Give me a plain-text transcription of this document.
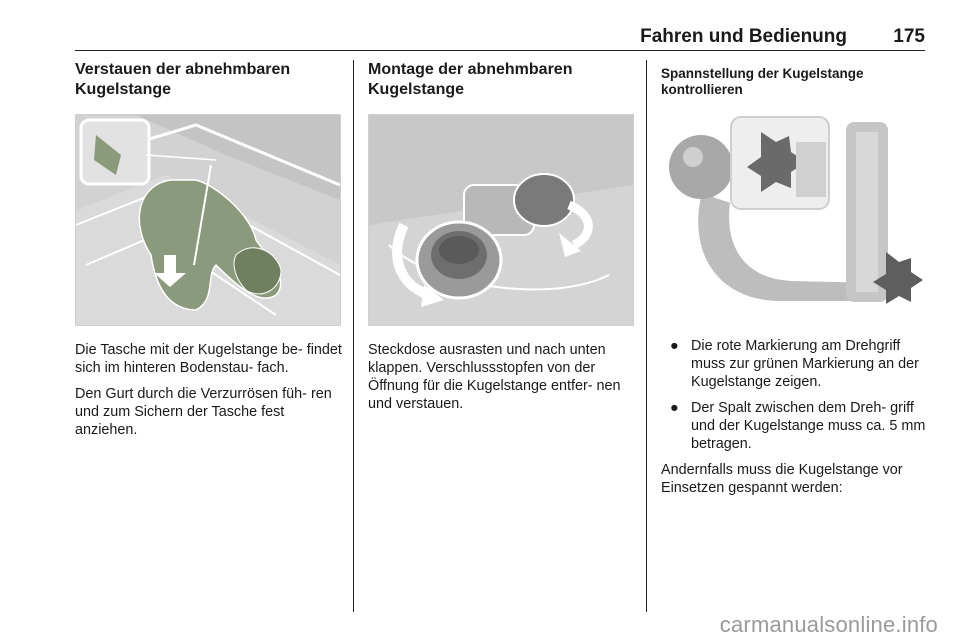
Fahren und Bedienung 175
Verstauen der abnehmbaren Kugelstange

Die Tasche mit der Kugelstange be- findet sich im hinteren Bodenstau- fach.

Den Gurt durch die Verzurrösen füh- ren und zum Sichern der Tasche fest anziehen.

Montage der abnehmbaren Kugelstange

Steckdose ausrasten und nach unten klappen. Verschlussstopfen von der Öffnung für die Kugelstange entfer- nen und verstauen.

Spannstellung der Kugelstange kontrollieren
● Die rote Markierung am Drehgriff muss zur grünen Markierung an der Kugelstange zeigen.
● Der Spalt zwischen dem Dreh- griff und der Kugelstange muss ca. 5 mm betragen.

Andernfalls muss die Kugelstange vor Einsetzen gespannt werden:

carmanualsonline.info
